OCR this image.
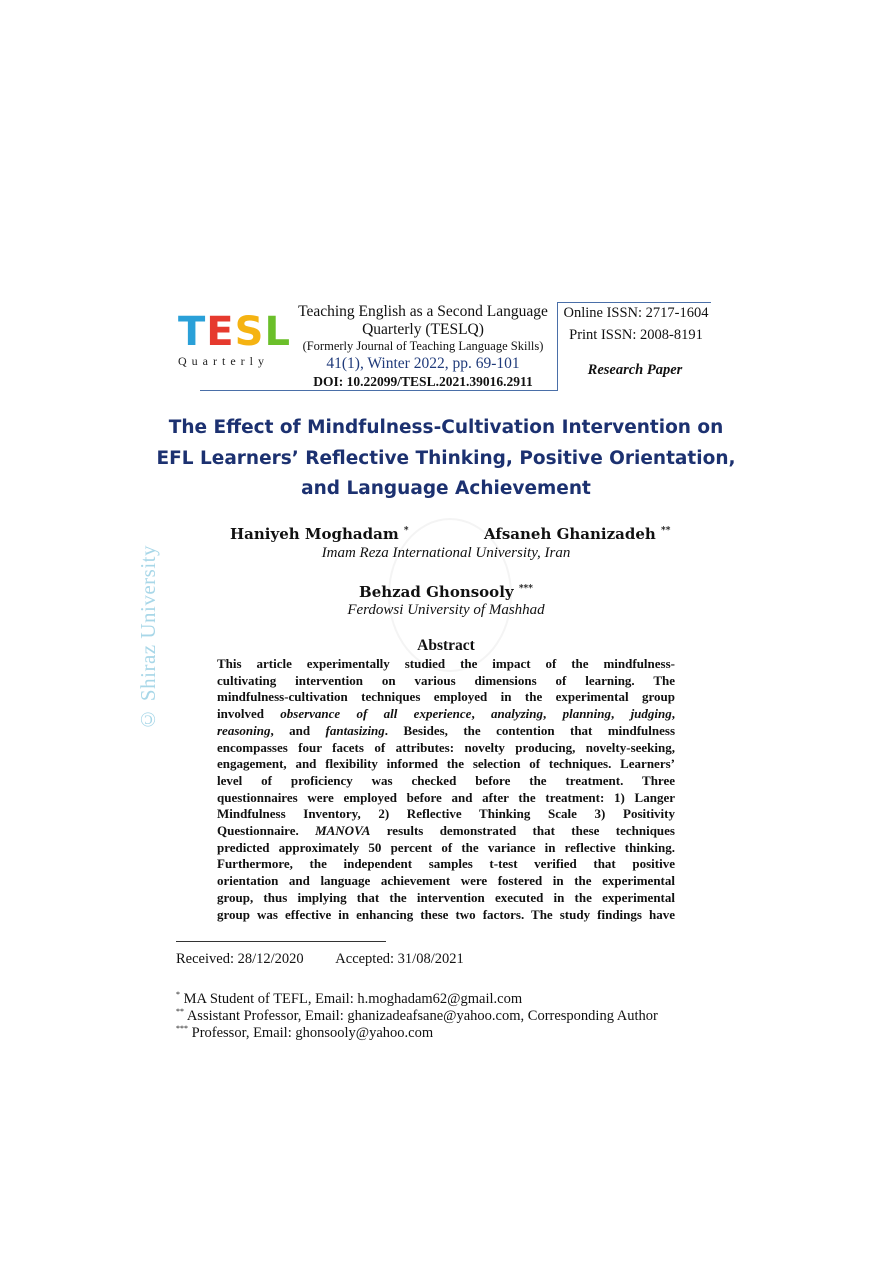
T E S L
Quarterly
Teaching English as a Second Language
Quarterly (TESLQ)
(Formerly Journal of Teaching Language Skills)
41(1), Winter 2022, pp. 69-101
DOI: 10.22099/TESL.2021.39016.2911
Online ISSN: 2717-1604
Print ISSN: 2008-8191
Research Paper
The Effect of Mindfulness-Cultivation Intervention on
EFL Learners’ Reflective Thinking, Positive Orientation,
and Language Achievement
Haniyeh Moghadam *	Afsaneh Ghanizadeh **
Imam Reza International University, Iran
Behzad Ghonsooly ***
Ferdowsi University of Mashhad
© Shiraz University	Abstract
This article experimentally studied the impact of the mindfulness-
cultivating intervention on various dimensions of learning. The
mindfulness-cultivation techniques employed in the experimental group
involved observance of all experience, analyzing, planning, judging,
reasoning, and fantasizing. Besides, the contention that mindfulness
encompasses four facets of attributes: novelty producing, novelty-seeking,
engagement, and flexibility informed the selection of techniques. Learners’
level of proficiency was checked before the treatment. Three
questionnaires were employed before and after the treatment: 1) Langer
Mindfulness Inventory, 2) Reflective Thinking Scale 3) Positivity
Questionnaire. MANOVA results demonstrated that these techniques
predicted approximately 50 percent of the variance in reflective thinking.
Furthermore, the independent samples t-test verified that positive
orientation and language achievement were fostered in the experimental
group, thus implying that the intervention executed in the experimental
group was effective in enhancing these two factors. The study findings have
Received: 28/12/2020 Accepted: 31/08/2021
* MA Student of TEFL, Email: h.moghadam62@gmail.com
** Assistant Professor, Email: ghanizadeafsane@yahoo.com, Corresponding Author
*** Professor, Email: ghonsooly@yahoo.com
